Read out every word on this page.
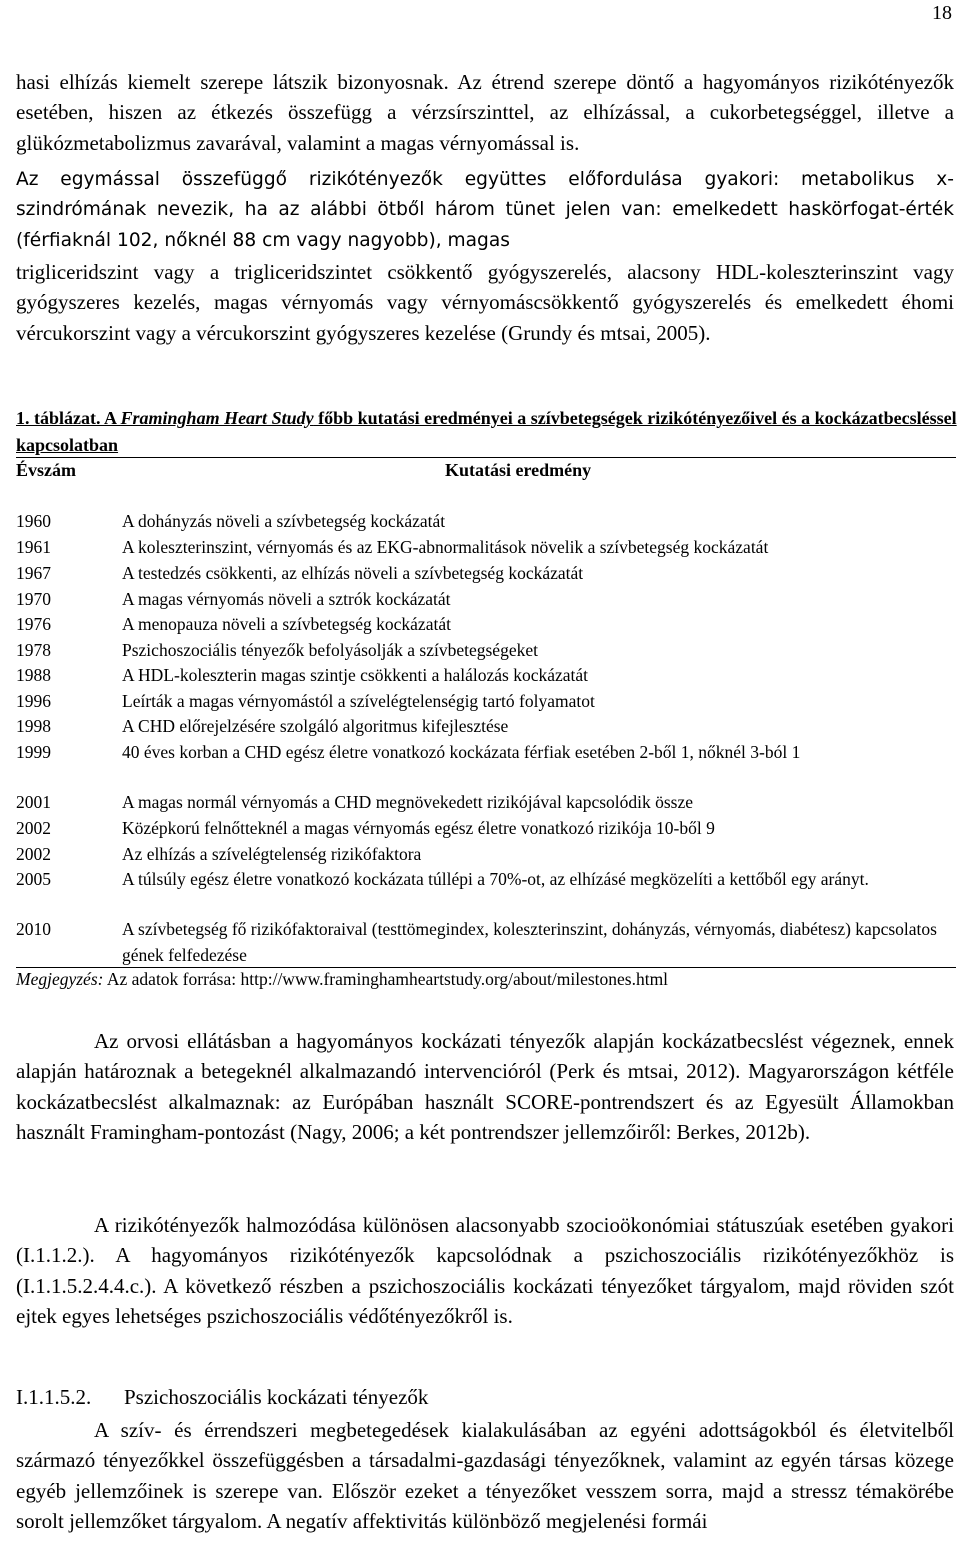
18

hasi elhízás kiemelt szerepe látszik bizonyosnak. Az étrend szerepe döntő a hagyományos rizikótényezők esetében, hiszen az étkezés összefügg a vérzsírszinttel, az elhízással, a cukorbetegséggel, illetve a glükózmetabolizmus zavarával, valamint a magas vérnyomással is.

Az egymással összefüggő rizikótényezők együttes előfordulása gyakori: metabolikus x-szindrómának nevezik, ha az alábbi ötből három tünet jelen van: emelkedett haskörfogat-érték (férfiaknál 102, nőknél 88 cm vagy nagyobb), magas

trigliceridszint vagy a trigliceridszintet csökkentő gyógyszerelés, alacsony HDL-koleszterinszint vagy gyógyszeres kezelés, magas vérnyomás vagy vérnyomáscsökkentő gyógyszerelés és emelkedett éhomi vércukorszint vagy a vércukorszint gyógyszeres kezelése (Grundy és mtsai, 2005).

1. táblázat. A Framingham Heart Study főbb kutatási eredményei a szívbetegségek rizikótényezőivel és a kockázatbecsléssel kapcsolatban
Évszám	Kutatási eredmény
1960	A dohányzás növeli a szívbetegség kockázatát
1961	A koleszterinszint, vérnyomás és az EKG-abnormalitások növelik a szívbetegség kockázatát
1967	A testedzés csökkenti, az elhízás növeli a szívbetegség kockázatát
1970	A magas vérnyomás növeli a sztrók kockázatát
1976	A menopauza növeli a szívbetegség kockázatát
1978	Pszichoszociális tényezők befolyásolják a szívbetegségeket
1988	A HDL-koleszterin magas szintje csökkenti a halálozás kockázatát
1996	Leírták a magas vérnyomástól a szívelégtelenségig tartó folyamatot
1998	A CHD előrejelzésére szolgáló algoritmus kifejlesztése
1999	40 éves korban a CHD egész életre vonatkozó kockázata férfiak esetében 2-ből 1, nőknél 3-ból 1
2001	A magas normál vérnyomás a CHD megnövekedett rizikójával kapcsolódik össze
2002	Középkorú felnőtteknél a magas vérnyomás egész életre vonatkozó rizikója 10-ből 9
2002	Az elhízás a szívelégtelenség rizikófaktora
2005	A túlsúly egész életre vonatkozó kockázata túllépi a 70%-ot, az elhízásé megközelíti a kettőből egy arányt.
2010	A szívbetegség fő rizikófaktoraival (testtömegindex, koleszterinszint, dohányzás, vérnyomás, diabétesz) kapcsolatos gének felfedezése
Megjegyzés: Az adatok forrása: http://www.framinghamheartstudy.org/about/milestones.html

Az orvosi ellátásban a hagyományos kockázati tényezők alapján kockázatbecslést végeznek, ennek alapján határoznak a betegeknél alkalmazandó intervencióról (Perk és mtsai, 2012). Magyarországon kétféle kockázatbecslést alkalmaznak: az Európában használt SCORE-pontrendszert és az Egyesült Államokban használt Framingham-pontozást (Nagy, 2006; a két pontrendszer jellemzőiről: Berkes, 2012b).

A rizikótényezők halmozódása különösen alacsonyabb szocioökonómiai státuszúak esetében gyakori (I.1.1.2.). A hagyományos rizikótényezők kapcsolódnak a pszichoszociális rizikótényezőkhöz is (I.1.1.5.2.4.4.c.). A következő részben a pszichoszociális kockázati tényezőket tárgyalom, majd röviden szót ejtek egyes lehetséges pszichoszociális védőtényezőkről is.

I.1.1.5.2. Pszichoszociális kockázati tényezők

A szív- és érrendszeri megbetegedések kialakulásában az egyéni adottságokból és életvitelből származó tényezőkkel összefüggésben a társadalmi-gazdasági tényezőknek, valamint az egyén társas közege egyéb jellemzőinek is szerepe van. Először ezeket a tényezőket vesszem sorra, majd a stressz témakörébe sorolt jellemzőket tárgyalom. A negatív affektivitás különböző megjelenési formái
